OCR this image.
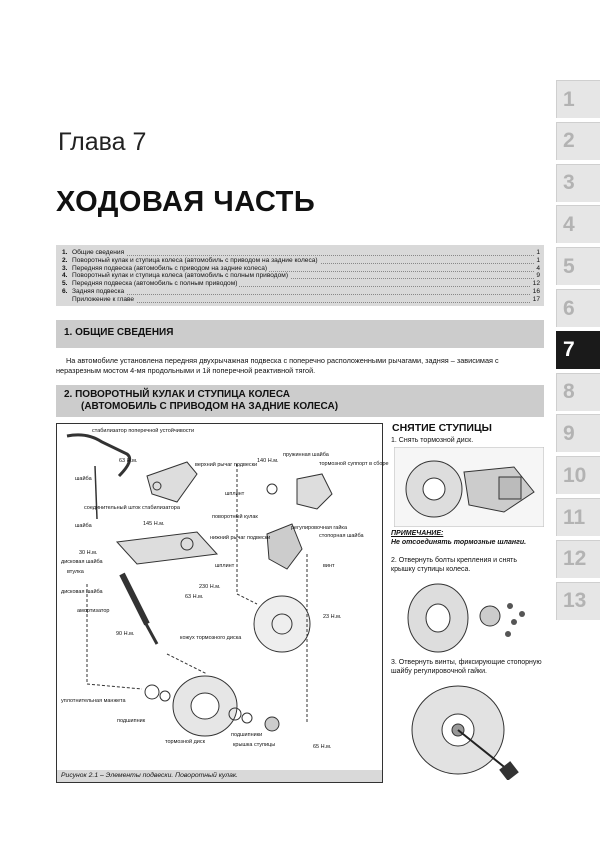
1
2
3
4
5
6
7
8
9
10
11
12
13
Глава 7
ХОДОВАЯ ЧАСТЬ
1. Общие сведения	1
2. Поворотный кулак и ступица колеса (автомобиль с приводом на задние колеса)	1
3. Передняя подвеска (автомобиль с приводом на задние колеса)	4
4. Поворотный кулак и ступица колеса (автомобиль с полным приводом)	9
5. Передняя подвеска (автомобиль с полным приводом)	12
6. Задняя подвеска	16
Приложение к главе	17
1. ОБЩИЕ СВЕДЕНИЯ
На автомобиле установлена передняя двухрычажная подвеска с поперечно расположенными рычагами, задняя – зависимая с неразрезным мостом 4-мя продольными и 1й поперечной реактивной тягой.
2. ПОВОРОТНЫЙ КУЛАК И СТУПИЦА КОЛЕСА
(АВТОМОБИЛЬ С ПРИВОДОМ НА ЗАДНИЕ КОЛЕСА)
стабилизатор поперечной устойчивости
63 Н.м.
шайба
верхний рычаг подвески
140 Н.м.
пружинная шайба
тормозной суппорт в сборе
шплинт
соединительный шток стабилизатора
поворотный кулак
145 Н.м.
шайба	регулировочная гайка
стопорная шайба
нижний рычаг подвески
30 Н.м.
дисковая шайба
втулка
винт
шплинт
дисковая шайба
230 Н.м.
63 Н.м.
амортизатор
23 Н.м.
90 Н.м.
кожух тормозного диска
уплотнительная манжета
подшипник
тормозной диск
подшипники
крышка ступицы	65 Н.м.
Рисунок 2.1 – Элементы подвески. Поворотный кулак.
СНЯТИЕ СТУПИЦЫ
1. Снять тормозной диск.
ПРИМЕЧАНИЕ:
Не отсоединять тормозные шланги.
2. Отвернуть болты крепления и снять крышку ступицы колеса.
3. Отвернуть винты, фиксирующие стопорную шайбу регулировочной гайки.
